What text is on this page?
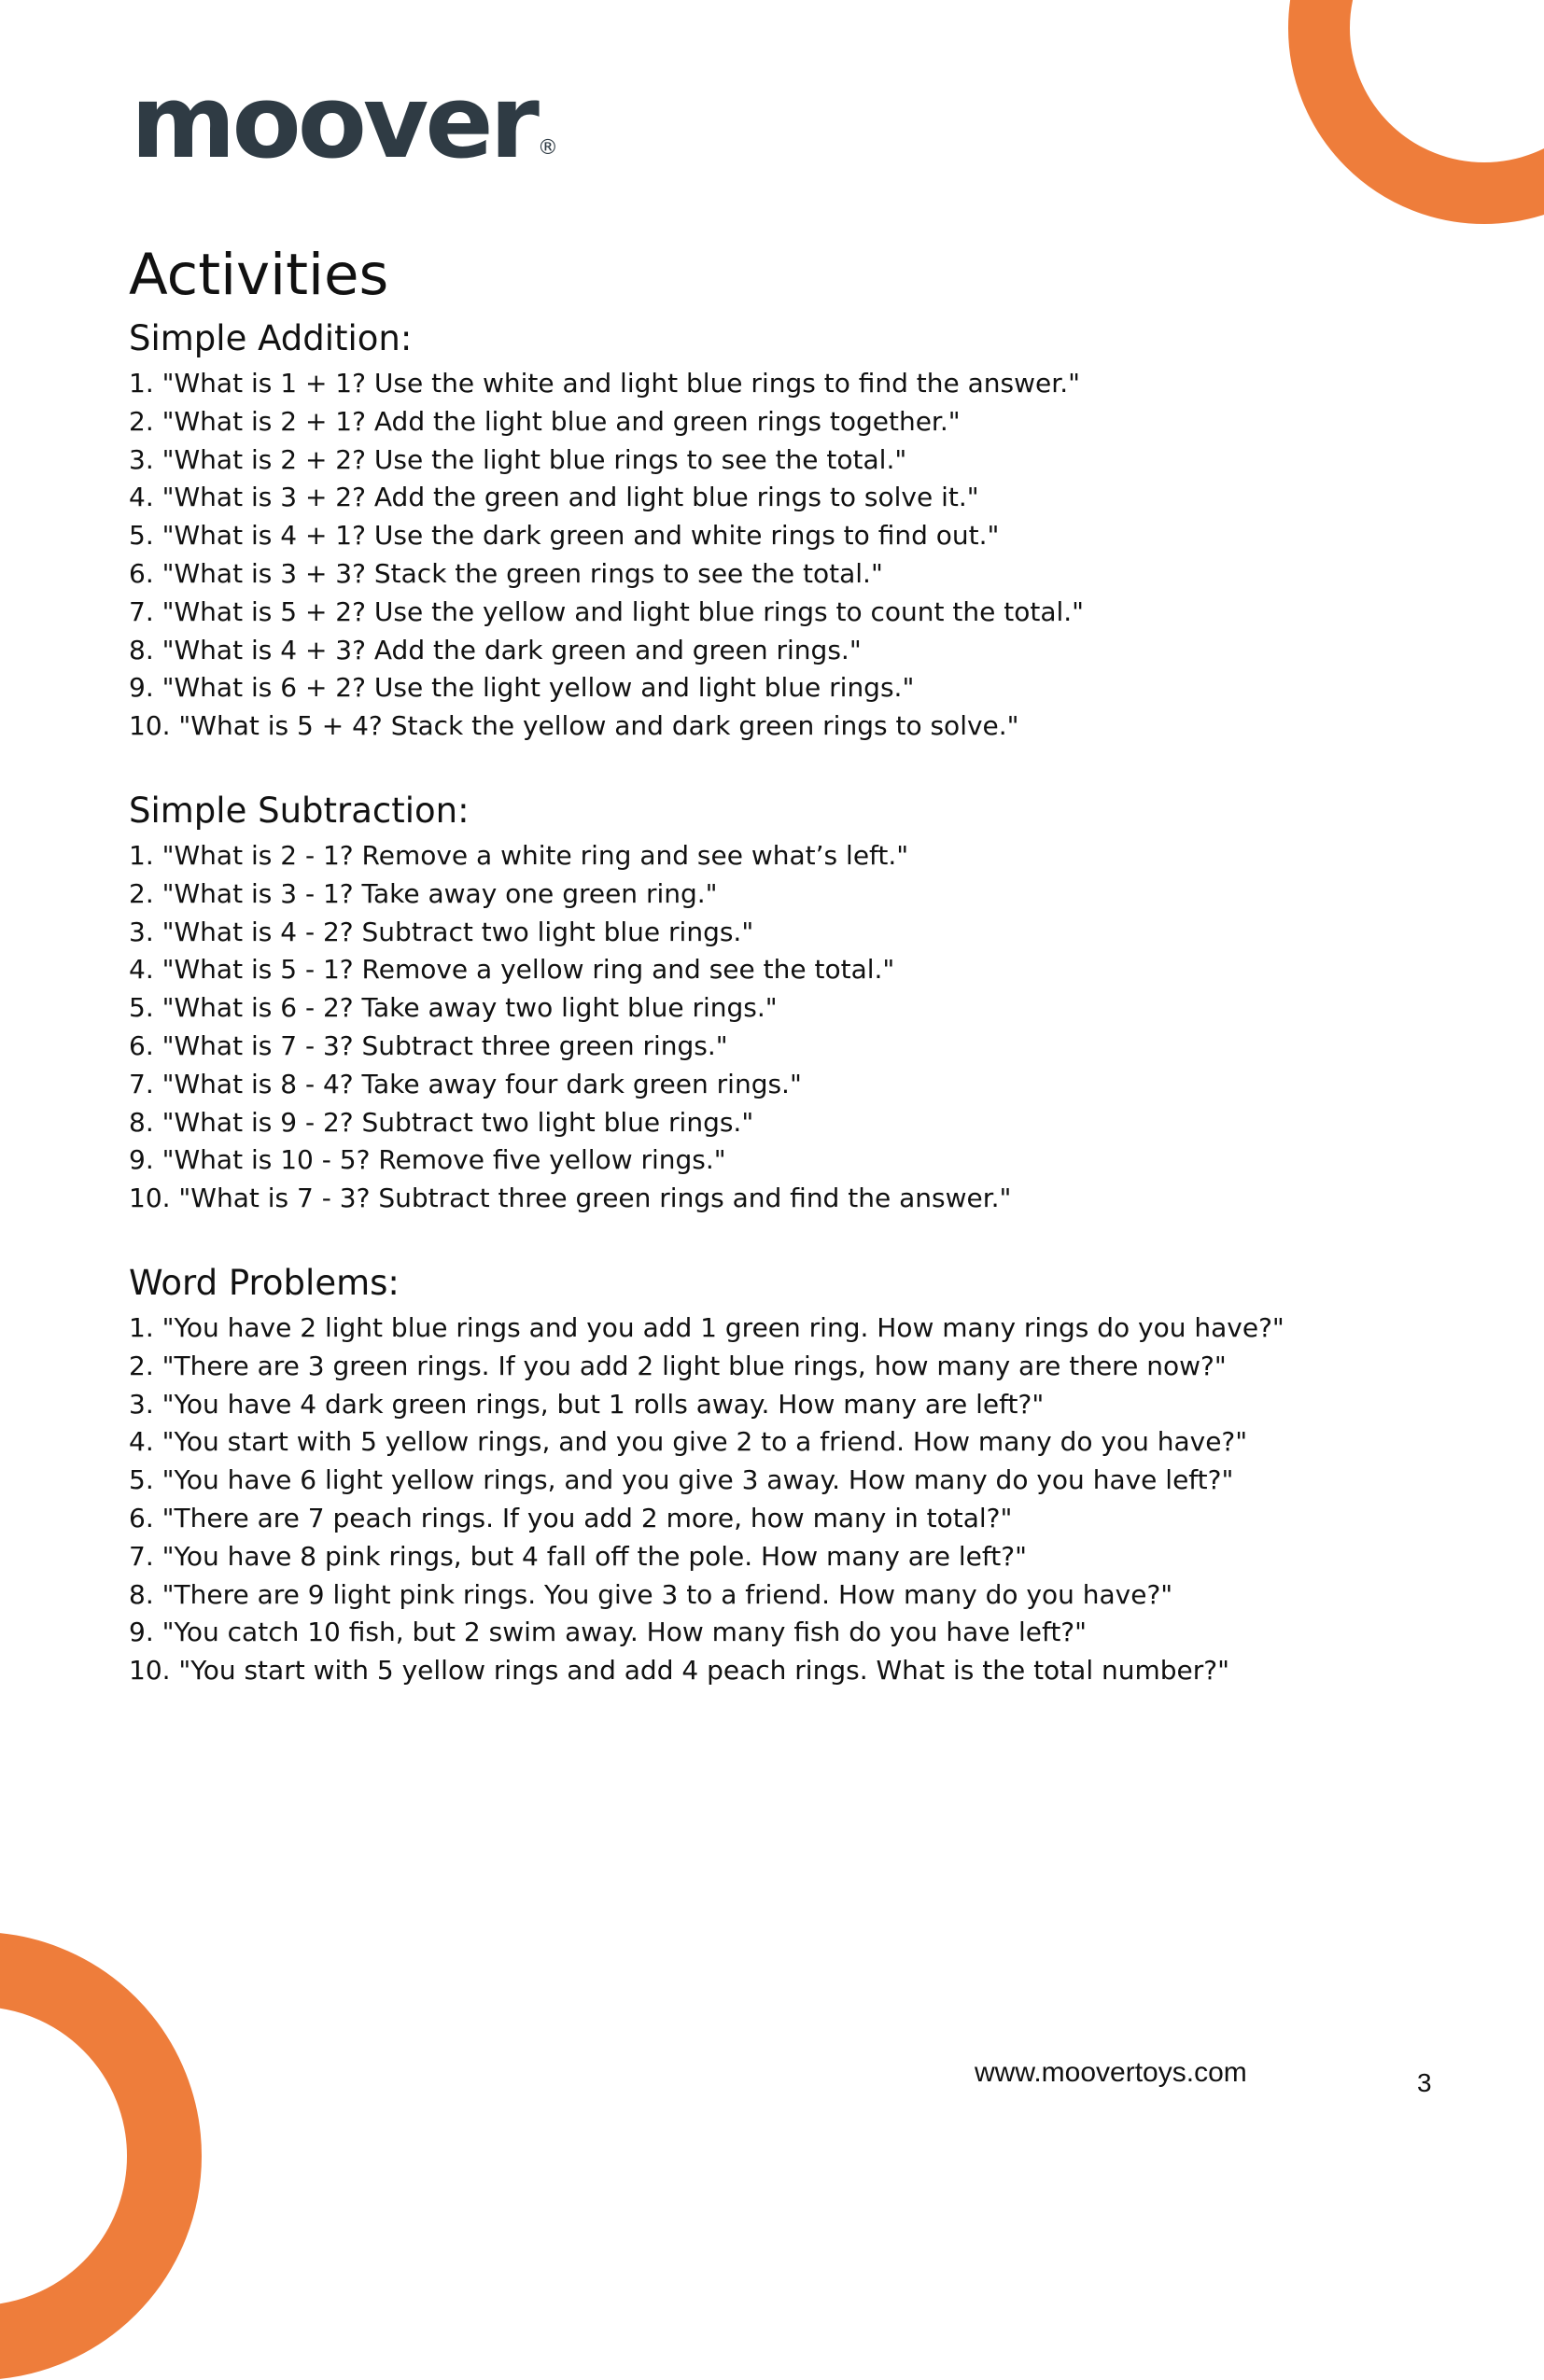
moover ®
Activities
Simple Addition:
1. "What is 1 + 1? Use the white and light blue rings to find the answer."
2. "What is 2 + 1? Add the light blue and green rings together."
3. "What is 2 + 2? Use the light blue rings to see the total."
4. "What is 3 + 2? Add the green and light blue rings to solve it."
5. "What is 4 + 1? Use the dark green and white rings to find out."
6. "What is 3 + 3? Stack the green rings to see the total."
7. "What is 5 + 2? Use the yellow and light blue rings to count the total."
8. "What is 4 + 3? Add the dark green and green rings."
9. "What is 6 + 2? Use the light yellow and light blue rings."
10. "What is 5 + 4? Stack the yellow and dark green rings to solve."
Simple Subtraction:
1. "What is 2 - 1? Remove a white ring and see what’s left."
2. "What is 3 - 1? Take away one green ring."
3. "What is 4 - 2? Subtract two light blue rings."
4. "What is 5 - 1? Remove a yellow ring and see the total."
5. "What is 6 - 2? Take away two light blue rings."
6. "What is 7 - 3? Subtract three green rings."
7. "What is 8 - 4? Take away four dark green rings."
8. "What is 9 - 2? Subtract two light blue rings."
9. "What is 10 - 5? Remove five yellow rings."
10. "What is 7 - 3? Subtract three green rings and find the answer."
Word Problems:
1. "You have 2 light blue rings and you add 1 green ring. How many rings do you have?"
2. "There are 3 green rings. If you add 2 light blue rings, how many are there now?"
3. "You have 4 dark green rings, but 1 rolls away. How many are left?"
4. "You start with 5 yellow rings, and you give 2 to a friend. How many do you have?"
5. "You have 6 light yellow rings, and you give 3 away. How many do you have left?"
6. "There are 7 peach rings. If you add 2 more, how many in total?"
7. "You have 8 pink rings, but 4 fall off the pole. How many are left?"
8. "There are 9 light pink rings. You give 3 to a friend. How many do you have?"
9. "You catch 10 fish, but 2 swim away. How many fish do you have left?"
10. "You start with 5 yellow rings and add 4 peach rings. What is the total number?"
www.moovertoys.com	3
